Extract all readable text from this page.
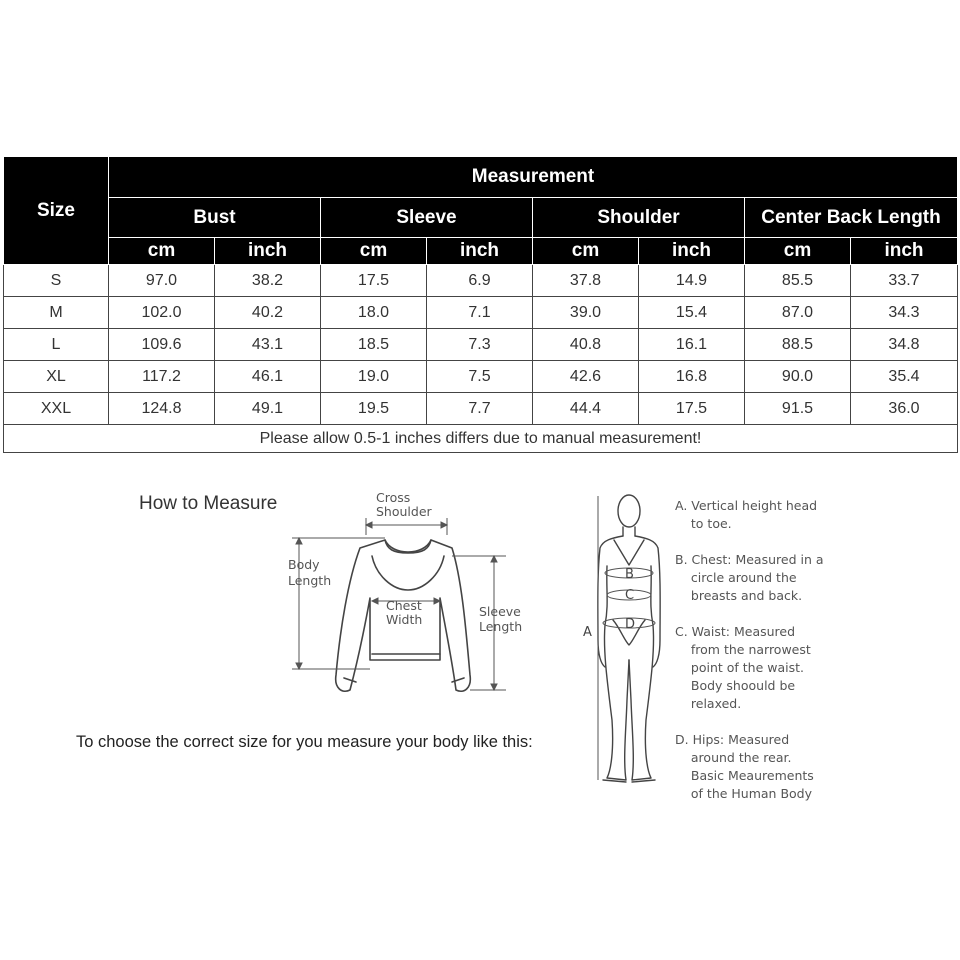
Size	Measurement							
	Bust		Sleeve		Shoulder		Center Back Length	
	cm	inch	cm	inch	cm	inch	cm	inch
S	97.0	38.2	17.5	6.9	37.8	14.9	85.5	33.7
M	102.0	40.2	18.0	7.1	39.0	15.4	87.0	34.3
L	109.6	43.1	18.5	7.3	40.8	16.1	88.5	34.8
XL	117.2	46.1	19.0	7.5	42.6	16.8	90.0	35.4
XXL	124.8	49.1	19.5	7.7	44.4	17.5	91.5	36.0
Please allow 0.5-1 inches differs due to manual measurement!								
How to Measure
To choose the correct size for you measure your body like this:
Cross
Shoulder
Body
Length
Chest
Width
Sleeve
Length
B
C
A
D
A. Vertical height head
to toe.
B. Chest: Measured in a
circle around the
breasts and back.
C. Waist: Measured
from the narrowest
point of the waist.
Body shoould be
relaxed.
D. Hips: Measured
around the rear.
Basic Meaurements
of the Human Body
